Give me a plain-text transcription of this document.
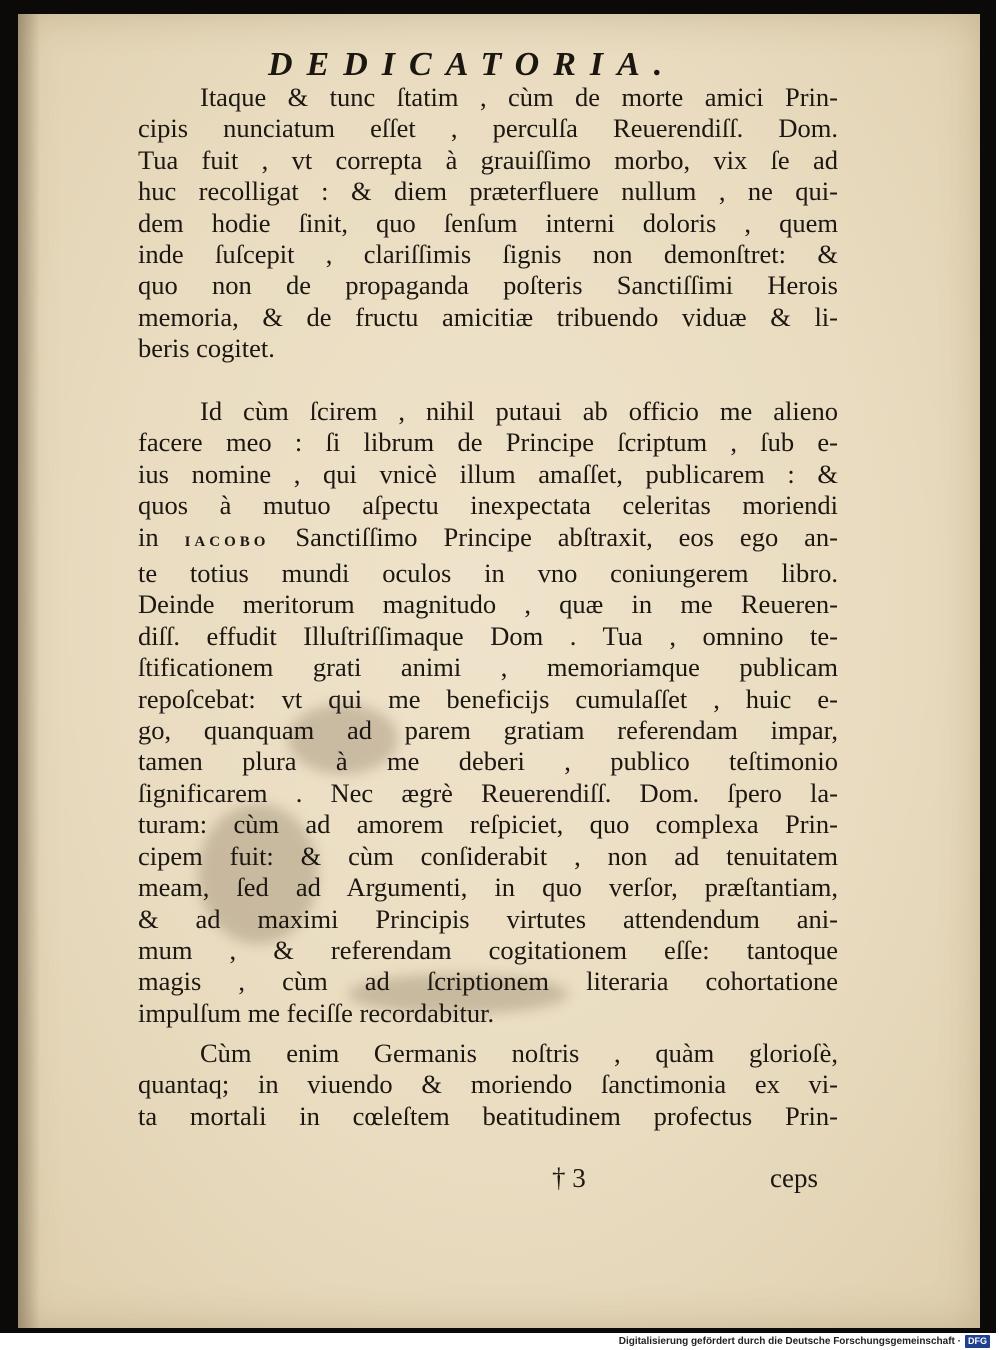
DEDICATORIA.
Itaque & tunc ſtatim , cùm de morte amici Prin-
cipis nunciatum eſſet , perculſa Reuerendiſſ. Dom.
Tua fuit , vt correpta à grauiſſimo morbo, vix ſe ad
huc recolligat : & diem præterfluere nullum , ne qui-
dem hodie ſinit, quo ſenſum interni doloris , quem
inde ſuſcepit , clariſſimis ſignis non demonſtret: &
quo non de propaganda poſteris Sanctiſſimi Herois
memoria, & de fructu amicitiæ tribuendo viduæ & li-
beris cogitet.
Id cùm ſcirem , nihil putaui ab officio me alieno
facere meo : ſi librum de Principe ſcriptum , ſub e-
ius nomine , qui vnicè illum amaſſet, publicarem : &
quos à mutuo aſpectu inexpectata celeritas moriendi
in IACOBO Sanctiſſimo Principe abſtraxit, eos ego an-
te totius mundi oculos in vno coniungerem libro.
Deinde meritorum magnitudo , quæ in me Reueren-
diſſ. effudit Illuſtriſſimaque Dom . Tua , omnino te-
ſtificationem grati animi , memoriamque publicam
repoſcebat: vt qui me beneficijs cumulaſſet , huic e-
go, quanquam ad parem gratiam referendam impar,
tamen plura à me deberi , publico teſtimonio
ſignificarem . Nec ægrè Reuerendiſſ. Dom. ſpero la-
turam: cùm ad amorem reſpiciet, quo complexa Prin-
cipem fuit: & cùm conſiderabit , non ad tenuitatem
meam, ſed ad Argumenti, in quo verſor, præſtantiam,
& ad maximi Principis virtutes attendendum ani-
mum , & referendam cogitationem eſſe: tantoque
magis , cùm ad ſcriptionem literaria cohortatione
impulſum me feciſſe recordabitur.
Cùm enim Germanis noſtris , quàm glorioſè,
quantaq; in viuendo & moriendo ſanctimonia ex vi-
ta mortali in cœleſtem beatitudinem profectus Prin-
† 3	ceps
Digitalisierung gefördert durch die Deutsche Forschungsgemeinschaft · DFG
